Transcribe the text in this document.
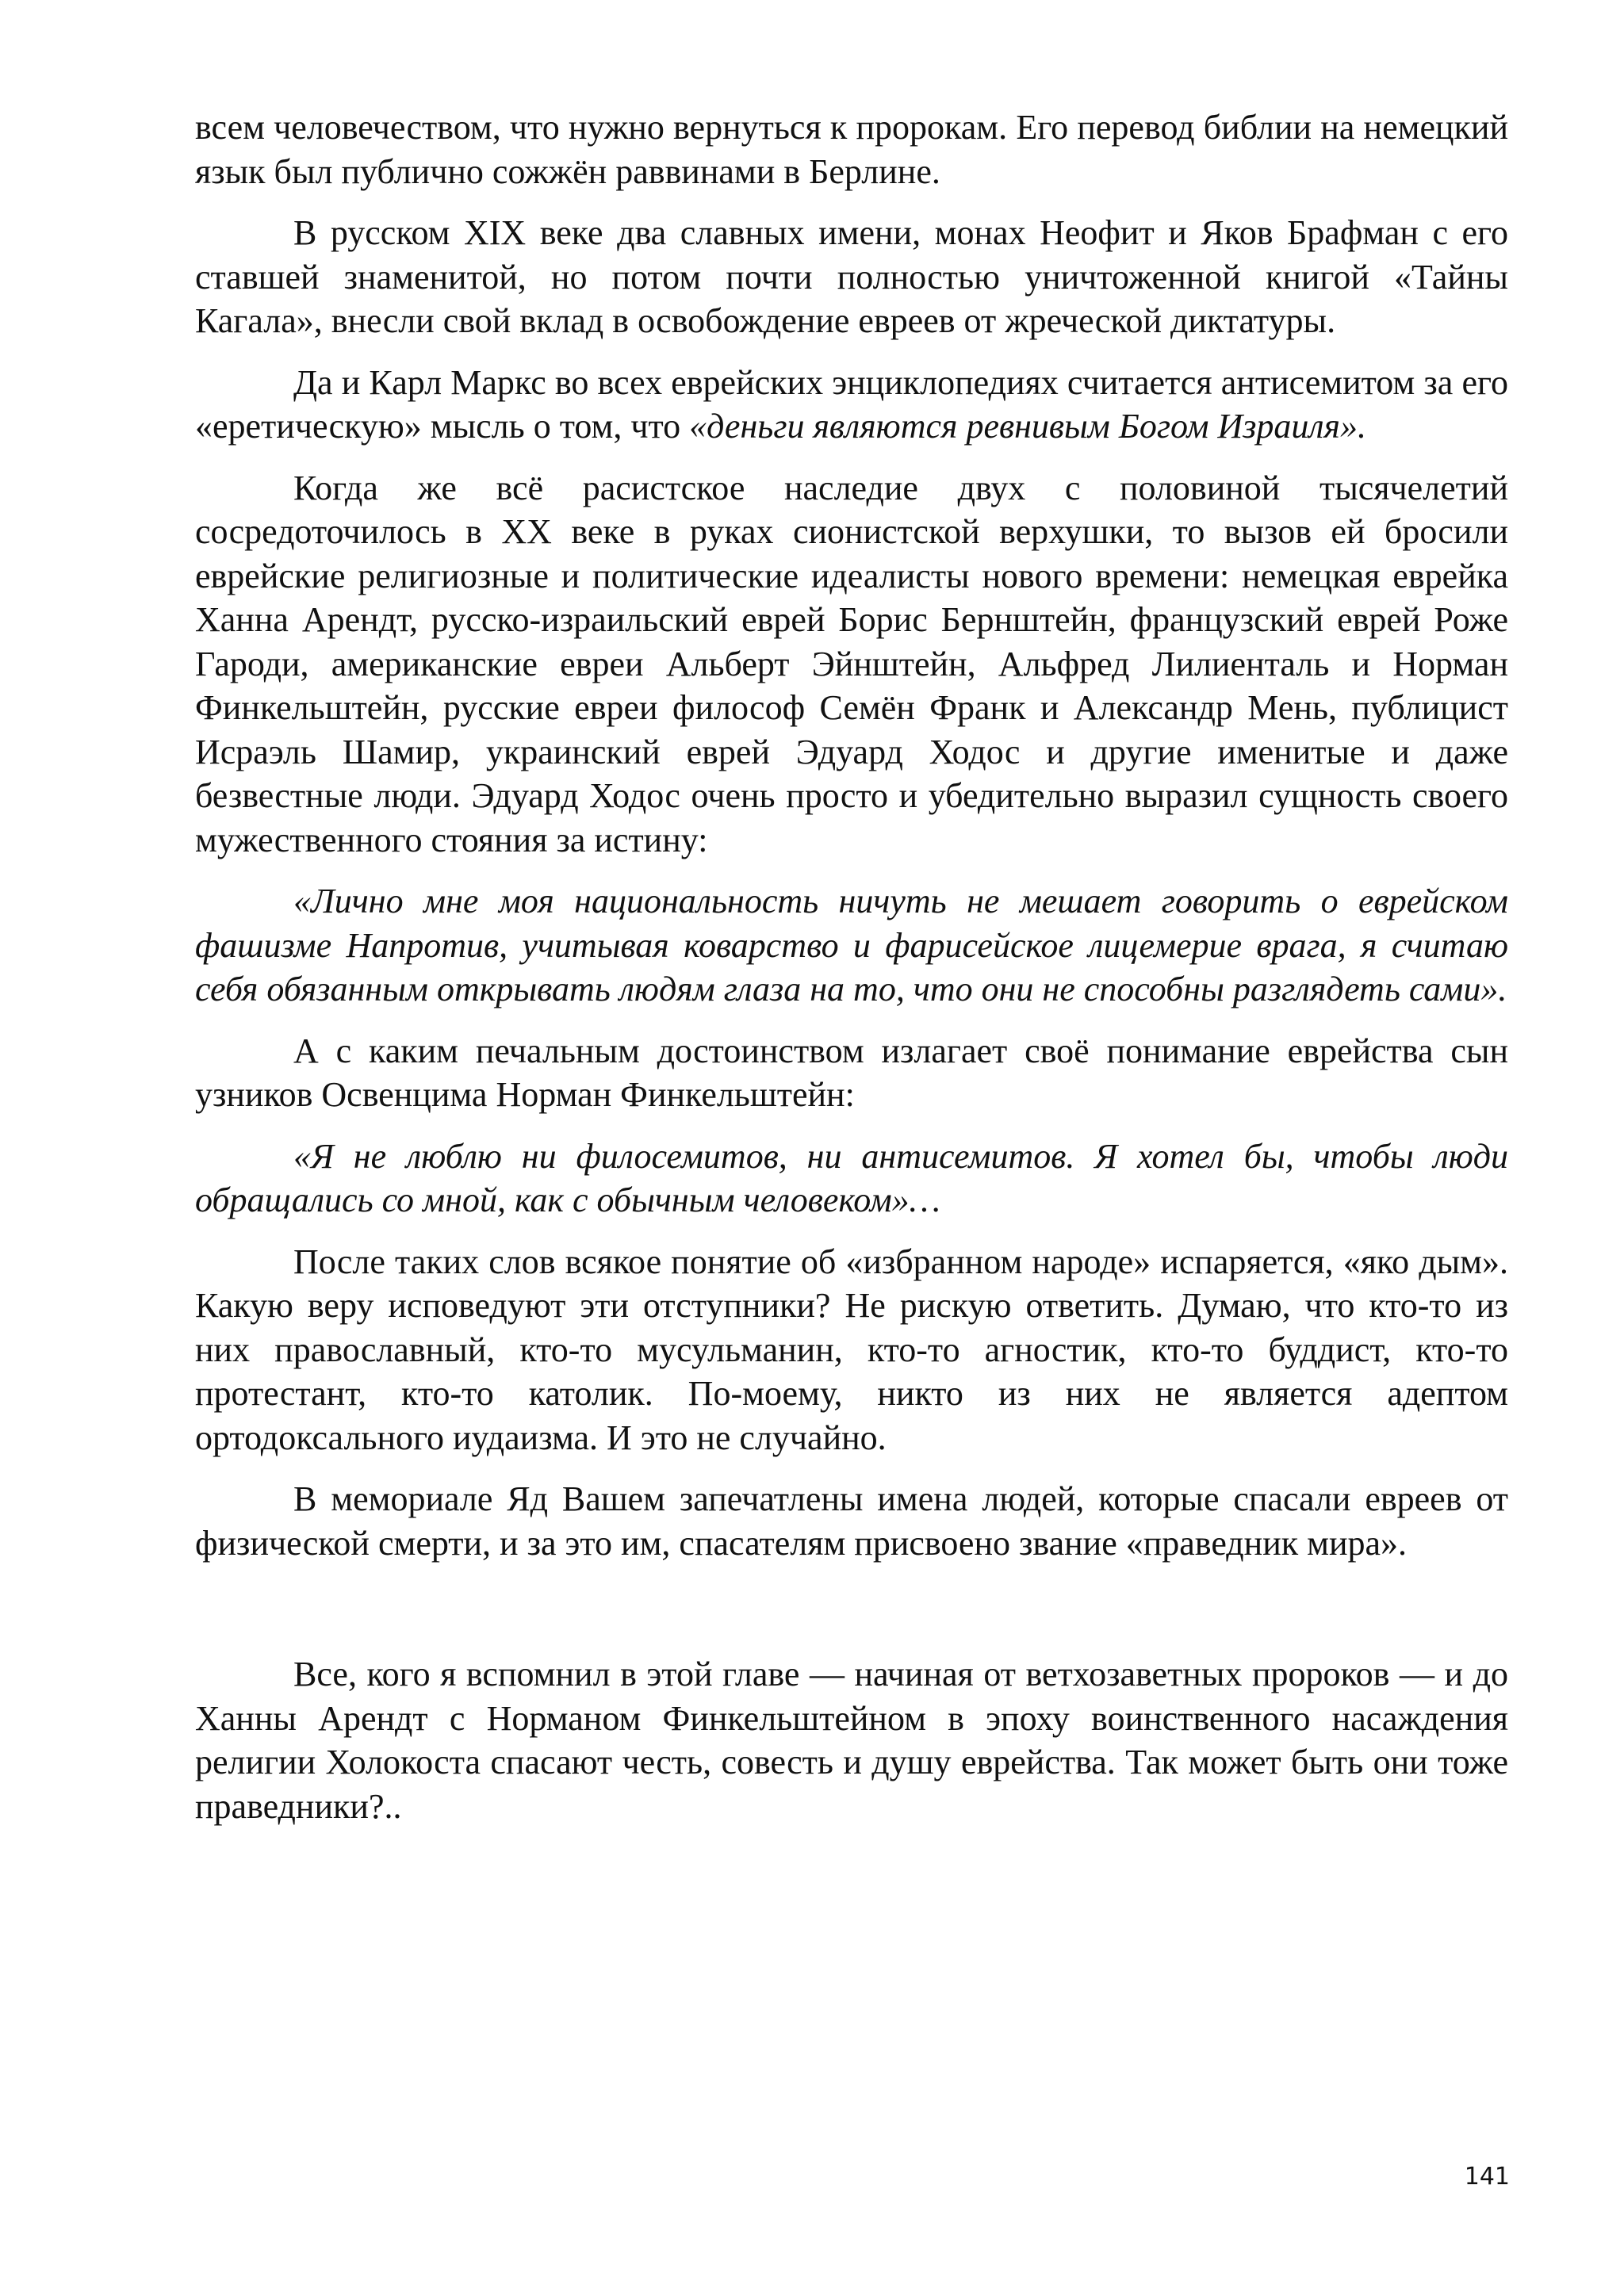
всем человечеством, что нужно вернуться к пророкам. Его перевод библии на немецкий язык был публично сожжён раввинами в Берлине.

В русском XIX веке два славных имени, монах Неофит и Яков Брафман с его ставшей знаменитой, но потом почти полностью уничтоженной книгой «Тайны Кагала», внесли свой вклад в освобождение евреев от жреческой диктатуры.

Да и Карл Маркс во всех еврейских энциклопедиях считается антисемитом за его «еретическую» мысль о том, что «деньги являются ревнивым Богом Израиля».

Когда же всё расистское наследие двух с половиной тысячелетий сосредоточилось в XX веке в руках сионистской верхушки, то вызов ей бросили еврейские религиозные и политические идеалисты нового времени: немецкая еврейка Ханна Арендт, русско-израильский еврей Борис Бернштейн, французский еврей Роже Гароди, американские евреи Альберт Эйнштейн, Альфред Лилиенталь и Норман Финкельштейн, русские евреи философ Семён Франк и Александр Мень, публицист Исраэль Шамир, украинский еврей Эдуард Ходос и другие именитые и даже безвестные люди. Эдуард Ходос очень просто и убедительно выразил сущность своего мужественного стояния за истину:

«Лично мне моя национальность ничуть не мешает говорить о еврейском фашизме Напротив, учитывая коварство и фарисейское лицемерие врага, я считаю себя обязанным открывать людям глаза на то, что они не способны разглядеть сами».

А с каким печальным достоинством излагает своё понимание еврейства сын узников Освенцима Норман Финкельштейн:

«Я не люблю ни филосемитов, ни антисемитов. Я хотел бы, чтобы люди обращались со мной, как с обычным человеком»…

После таких слов всякое понятие об «избранном народе» испаряется, «яко дым». Какую веру исповедуют эти отступники? Не рискую ответить. Думаю, что кто-то из них православный, кто-то мусульманин, кто-то агностик, кто-то буддист, кто-то протестант, кто-то католик. По-моему, никто из них не является адептом ортодоксального иудаизма. И это не случайно.

В мемориале Яд Вашем запечатлены имена людей, которые спасали евреев от физической смерти, и за это им, спасателям присвоено звание «праведник мира».

Все, кого я вспомнил в этой главе — начиная от ветхозаветных пророков — и до Ханны Арендт с Норманом Финкельштейном в эпоху воинственного насаждения религии Холокоста спасают честь, совесть и душу еврейства. Так может быть они тоже праведники?..

141
